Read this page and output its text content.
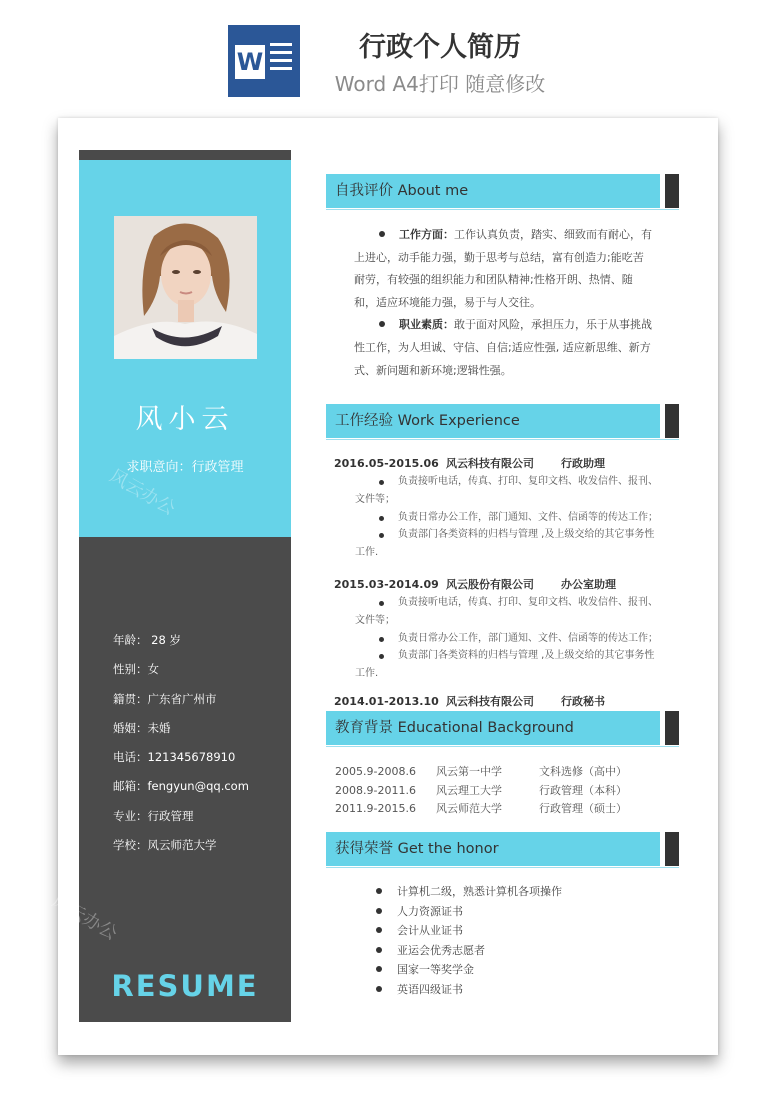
W	行政个人简历
Word A4打印 随意修改
风小云
求职意向：行政管理
风云办公
风云办公
年龄： 28 岁
性别：女
籍贯：广东省广州市
婚姻：未婚
电话：121345678910
邮箱：fengyun@qq.com
专业：行政管理
学校：风云师范大学
RESUME
自我评价 About me

工作方面：工作认真负责，踏实、细致而有耐心，有上进心，动手能力强，勤于思考与总结，富有创造力;能吃苦耐劳，有较强的组织能力和团队精神;性格开朗、热情、随和，适应环境能力强，易于与人交往。

职业素质：敢于面对风险，承担压力，乐于从事挑战性工作，为人坦诚、守信、自信;适应性强, 适应新思维、新方式、新问题和新环境;逻辑性强。

工作经验 Work Experience
2016.05-2015.06 风云科技有限公司 行政助理
负责接听电话，传真、打印、复印文档、收发信件、报刊、
文件等；
负责日常办公工作，部门通知、文件、信函等的传达工作；
负责部门各类资料的归档与管理 ,及上级交给的其它事务性
工作.
2015.03-2014.09 风云股份有限公司 办公室助理
负责接听电话，传真、打印、复印文档、收发信件、报刊、
文件等；
负责日常办公工作，部门通知、文件、信函等的传达工作；
负责部门各类资料的归档与管理 ,及上级交给的其它事务性
工作.
2014.01-2013.10 风云科技有限公司 行政秘书
教育背景 Educational Background
2005.9-2008.6 风云第一中学	文科选修（高中）
2008.9-2011.6 风云理工大学	行政管理（本科）
2011.9-2015.6 风云师范大学	行政管理（硕士）
获得荣誉 Get the honor
计算机二级，熟悉计算机各项操作
人力资源证书
会计从业证书
亚运会优秀志愿者
国家一等奖学金
英语四级证书
